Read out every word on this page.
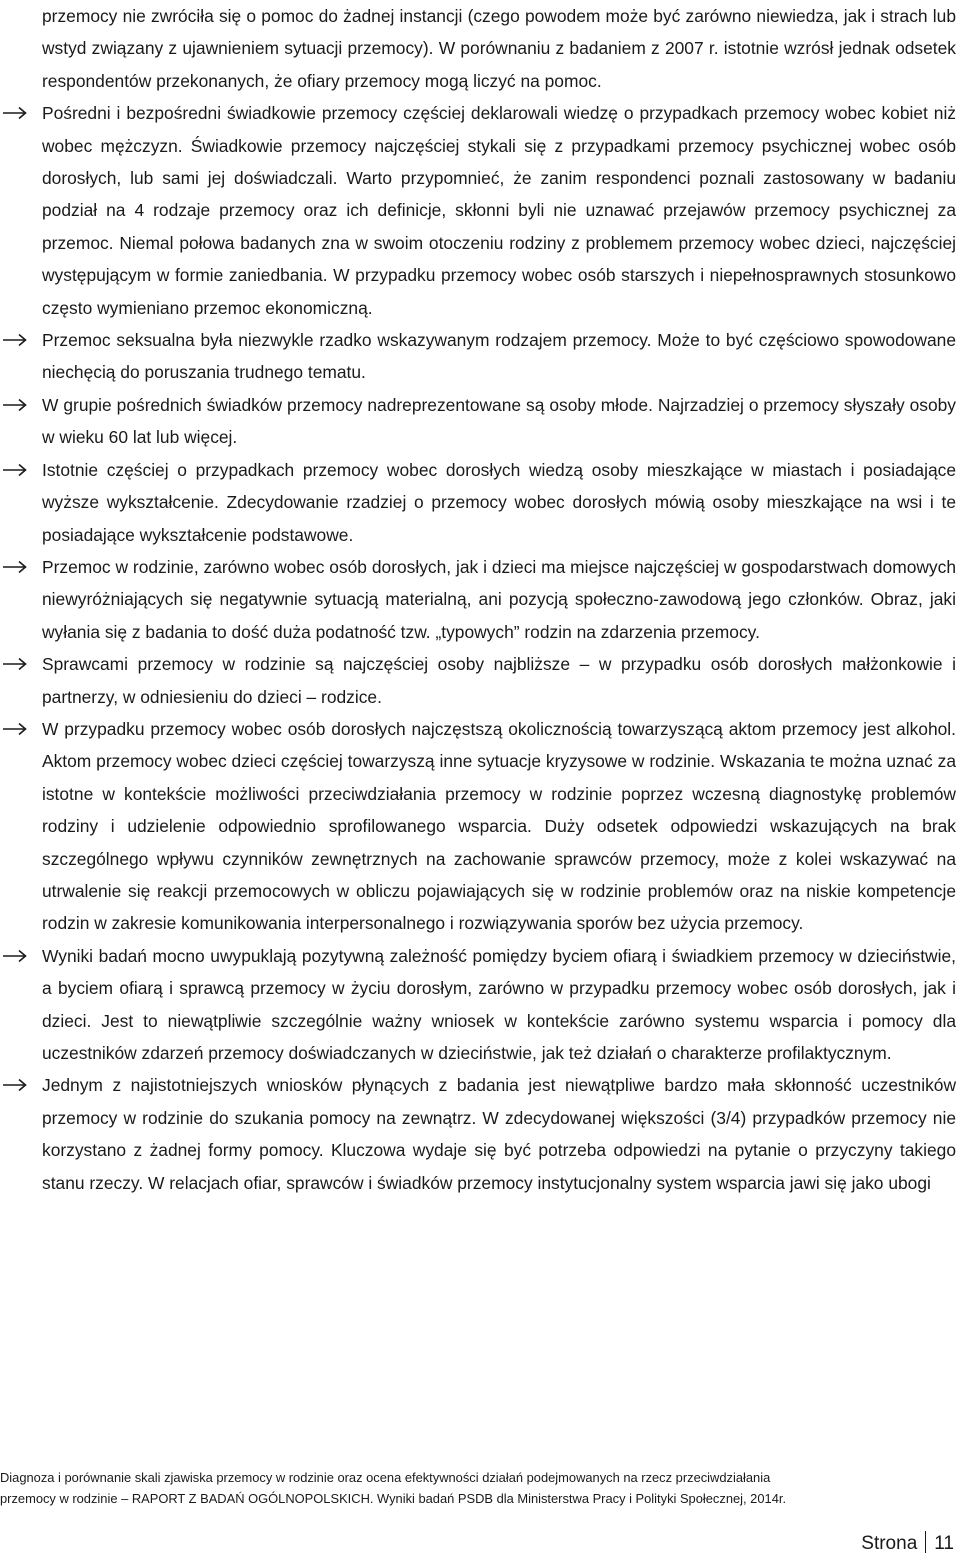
przemocy nie zwróciła się o pomoc do żadnej instancji (czego powodem może być zarówno niewiedza, jak i strach lub wstyd związany z ujawnieniem sytuacji przemocy). W porównaniu z badaniem z 2007 r. istotnie wzrósł jednak odsetek respondentów przekonanych, że ofiary przemocy mogą liczyć na pomoc.

Pośredni i bezpośredni świadkowie przemocy częściej deklarowali wiedzę o przypadkach przemocy wobec kobiet niż wobec mężczyzn. Świadkowie przemocy najczęściej stykali się z przypadkami przemocy psychicznej wobec osób dorosłych, lub sami jej doświadczali. Warto przypomnieć, że zanim respondenci poznali zastosowany w badaniu podział na 4 rodzaje przemocy oraz ich definicje, skłonni byli nie uznawać przejawów przemocy psychicznej za przemoc. Niemal połowa badanych zna w swoim otoczeniu rodziny z problemem przemocy wobec dzieci, najczęściej występującym w formie zaniedbania. W przypadku przemocy wobec osób starszych i niepełnosprawnych stosunkowo często wymieniano przemoc ekonomiczną.
Przemoc seksualna była niezwykle rzadko wskazywanym rodzajem przemocy. Może to być częściowo spowodowane niechęcią do poruszania trudnego tematu.
W grupie pośrednich świadków przemocy nadreprezentowane są osoby młode. Najrzadziej o przemocy słyszały osoby w wieku 60 lat lub więcej.
Istotnie częściej o przypadkach przemocy wobec dorosłych wiedzą osoby mieszkające w miastach i posiadające wyższe wykształcenie. Zdecydowanie rzadziej o przemocy wobec dorosłych mówią osoby mieszkające na wsi i te posiadające wykształcenie podstawowe.
Przemoc w rodzinie, zarówno wobec osób dorosłych, jak i dzieci ma miejsce najczęściej w gospodarstwach domowych niewyróżniających się negatywnie sytuacją materialną, ani pozycją społeczno-zawodową jego członków. Obraz, jaki wyłania się z badania to dość duża podatność tzw. „typowych” rodzin na zdarzenia przemocy.
Sprawcami przemocy w rodzinie są najczęściej osoby najbliższe – w przypadku osób dorosłych małżonkowie i partnerzy, w odniesieniu do dzieci – rodzice.
W przypadku przemocy wobec osób dorosłych najczęstszą okolicznością towarzyszącą aktom przemocy jest alkohol. Aktom przemocy wobec dzieci częściej towarzyszą inne sytuacje kryzysowe w rodzinie. Wskazania te można uznać za istotne w kontekście możliwości przeciwdziałania przemocy w rodzinie poprzez wczesną diagnostykę problemów rodziny i udzielenie odpowiednio sprofilowanego wsparcia. Duży odsetek odpowiedzi wskazujących na brak szczególnego wpływu czynników zewnętrznych na zachowanie sprawców przemocy, może z kolei wskazywać na utrwalenie się reakcji przemocowych w obliczu pojawiających się w rodzinie problemów oraz na niskie kompetencje rodzin w zakresie komunikowania interpersonalnego i rozwiązywania sporów bez użycia przemocy.
Wyniki badań mocno uwypuklają pozytywną zależność pomiędzy byciem ofiarą i świadkiem przemocy w dzieciństwie, a byciem ofiarą i sprawcą przemocy w życiu dorosłym, zarówno w przypadku przemocy wobec osób dorosłych, jak i dzieci. Jest to niewątpliwie szczególnie ważny wniosek w kontekście zarówno systemu wsparcia i pomocy dla uczestników zdarzeń przemocy doświadczanych w dzieciństwie, jak też działań o charakterze profilaktycznym.
Jednym z najistotniejszych wniosków płynących z badania jest niewątpliwe bardzo mała skłonność uczestników przemocy w rodzinie do szukania pomocy na zewnątrz. W zdecydowanej większości (3/4) przypadków przemocy nie korzystano z żadnej formy pomocy. Kluczowa wydaje się być potrzeba odpowiedzi na pytanie o przyczyny takiego stanu rzeczy. W relacjach ofiar, sprawców i świadków przemocy instytucjonalny system wsparcia jawi się jako ubogi

Diagnoza i porównanie skali zjawiska przemocy w rodzinie oraz ocena efektywności działań podejmowanych na rzecz przeciwdziałania

przemocy w rodzinie – RAPORT Z BADAŃ OGÓLNOPOLSKICH. Wyniki badań PSDB dla Ministerstwa Pracy i Polityki Społecznej, 2014r.

Strona 11
